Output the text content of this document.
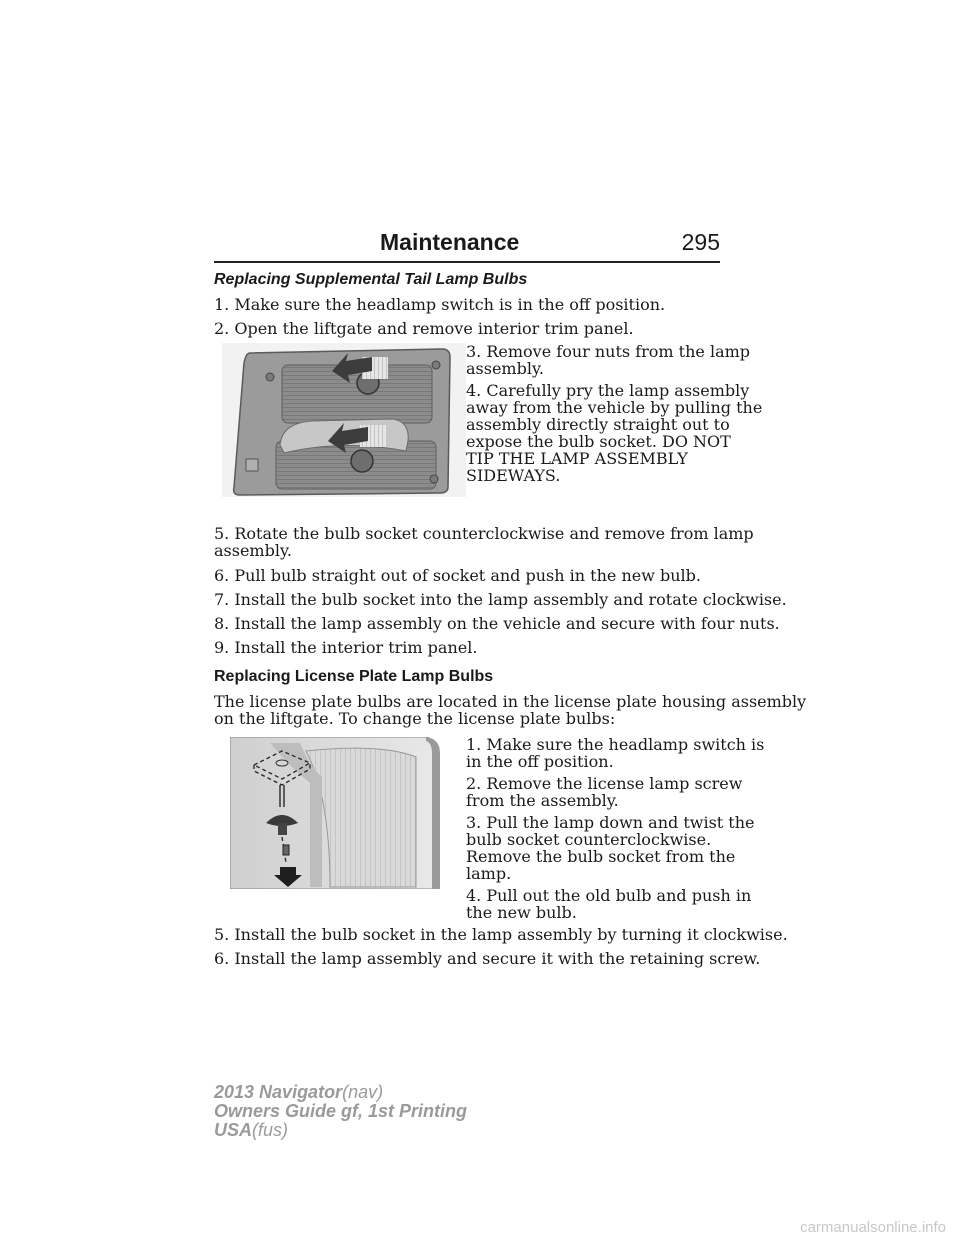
Maintenance	295
Replacing Supplemental Tail Lamp Bulbs
1. Make sure the headlamp switch is in the off position.
2. Open the liftgate and remove interior trim panel.
3. Remove four nuts from the lamp
assembly.
4. Carefully pry the lamp assembly
away from the vehicle by pulling the
assembly directly straight out to
expose the bulb socket. DO NOT
TIP THE LAMP ASSEMBLY
SIDEWAYS.
5. Rotate the bulb socket counterclockwise and remove from lamp
assembly.
6. Pull bulb straight out of socket and push in the new bulb.
7. Install the bulb socket into the lamp assembly and rotate clockwise.
8. Install the lamp assembly on the vehicle and secure with four nuts.
9. Install the interior trim panel.
Replacing License Plate Lamp Bulbs
The license plate bulbs are located in the license plate housing assembly
on the liftgate. To change the license plate bulbs:
1. Make sure the headlamp switch is
in the off position.
2. Remove the license lamp screw
from the assembly.
3. Pull the lamp down and twist the
bulb socket counterclockwise.
Remove the bulb socket from the
lamp.
4. Pull out the old bulb and push in
the new bulb.
5. Install the bulb socket in the lamp assembly by turning it clockwise.
6. Install the lamp assembly and secure it with the retaining screw.
2013 Navigator(nav)
Owners Guide gf, 1st Printing
USA(fus)
carmanualsonline.info
